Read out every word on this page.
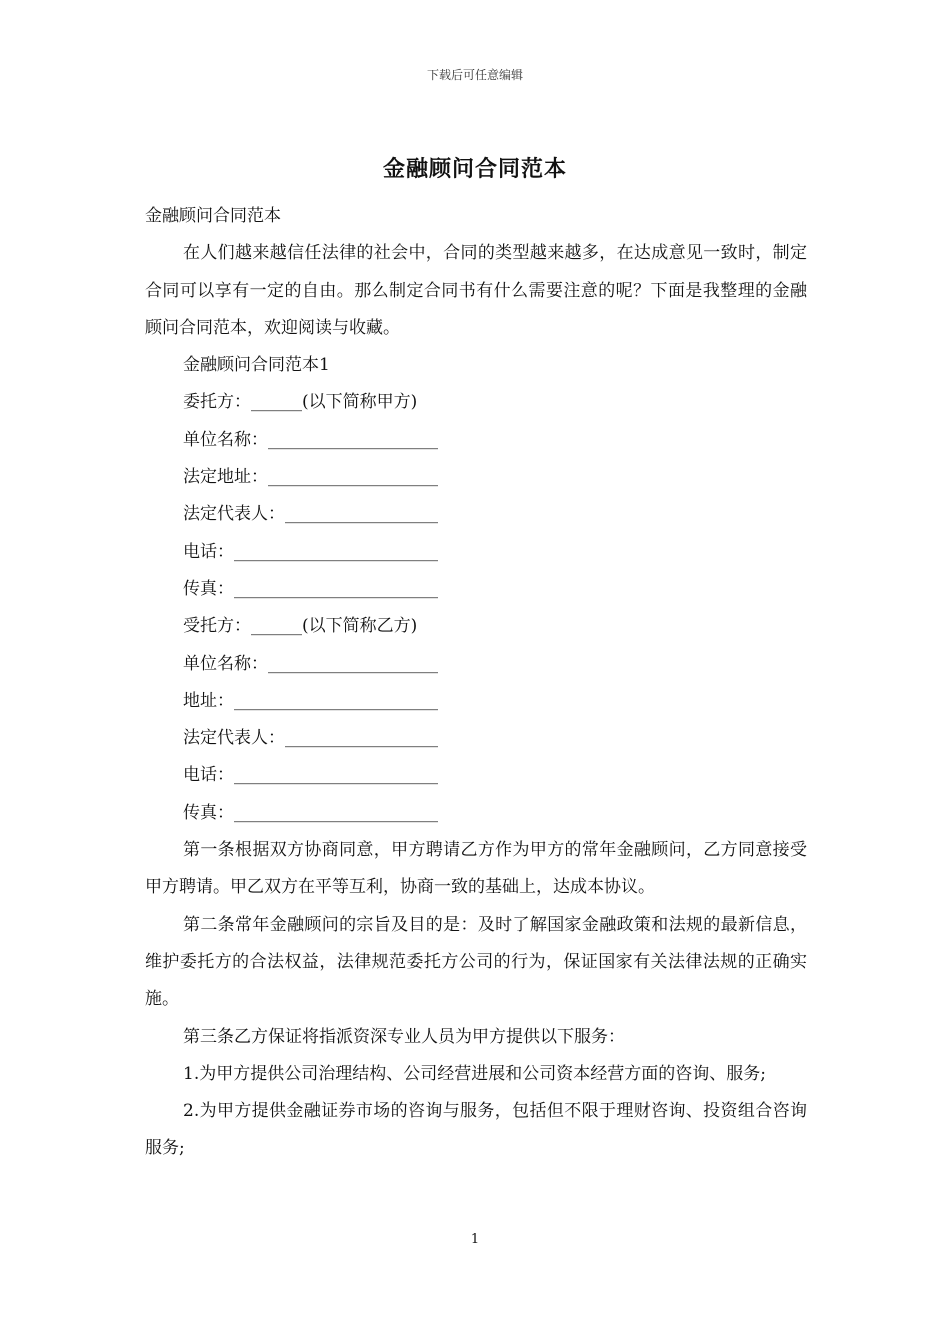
下载后可任意编辑
金融顾问合同范本
金融顾问合同范本

在人们越来越信任法律的社会中，合同的类型越来越多，在达成意见一致时，制定合同可以享有一定的自由。那么制定合同书有什么需要注意的呢？下面是我整理的金融顾问合同范本，欢迎阅读与收藏。

金融顾问合同范本1
委托方：______(以下简称甲方)
单位名称：____________________
法定地址：____________________
法定代表人：__________________
电话：________________________
传真：________________________
受托方：______(以下简称乙方)
单位名称：____________________
地址：________________________
法定代表人：__________________
电话：________________________
传真：________________________

第一条根据双方协商同意，甲方聘请乙方作为甲方的常年金融顾问，乙方同意接受甲方聘请。甲乙双方在平等互利，协商一致的基础上，达成本协议。

第二条常年金融顾问的宗旨及目的是：及时了解国家金融政策和法规的最新信息，维护委托方的合法权益，法律规范委托方公司的行为，保证国家有关法律法规的正确实施。

第三条乙方保证将指派资深专业人员为甲方提供以下服务：

1.为甲方提供公司治理结构、公司经营进展和公司资本经营方面的咨询、服务;

2.为甲方提供金融证券市场的咨询与服务，包括但不限于理财咨询、投资组合咨询服务;

1
